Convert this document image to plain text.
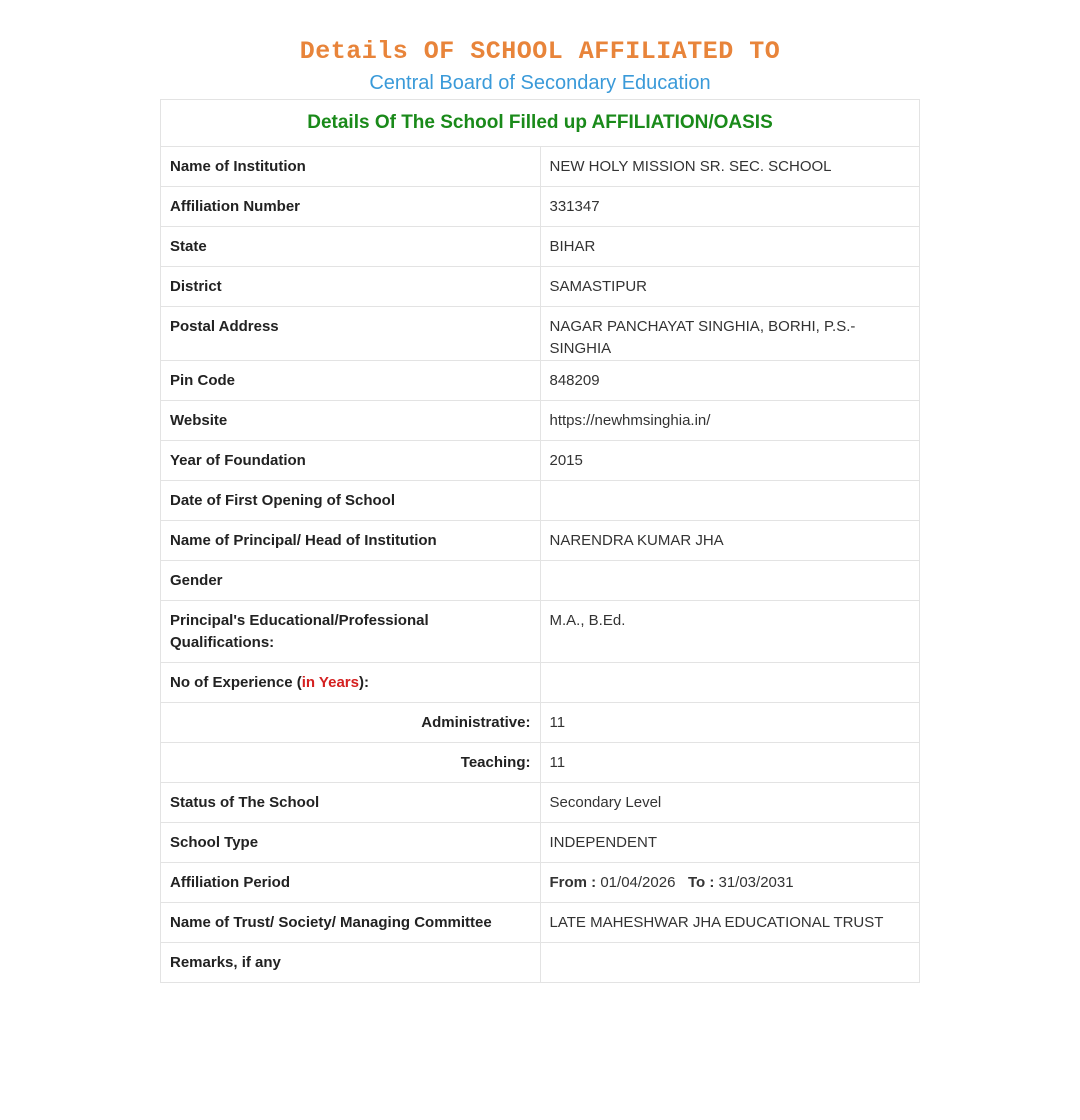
Details OF SCHOOL AFFILIATED TO
Central Board of Secondary Education
Details Of The School Filled up AFFILIATION/OASIS	
Name of Institution	NEW HOLY MISSION SR. SEC. SCHOOL
Affiliation Number	331347
State	BIHAR
District	SAMASTIPUR
Postal Address	NAGAR PANCHAYAT SINGHIA, BORHI, P.S.- SINGHIA
Pin Code	848209
Website	https://newhmsinghia.in/
Year of Foundation	2015
Date of First Opening of School	
Name of Principal/ Head of Institution	NARENDRA KUMAR JHA
Gender	
Principal's Educational/Professional Qualifications:	M.A., B.Ed.
No of Experience (in Years):	
Administrative:	11
Teaching:	11
Status of The School	Secondary Level
School Type	INDEPENDENT
Affiliation Period	From : 01/04/2026 To : 31/03/2031
Name of Trust/ Society/ Managing Committee	LATE MAHESHWAR JHA EDUCATIONAL TRUST
Remarks, if any	
